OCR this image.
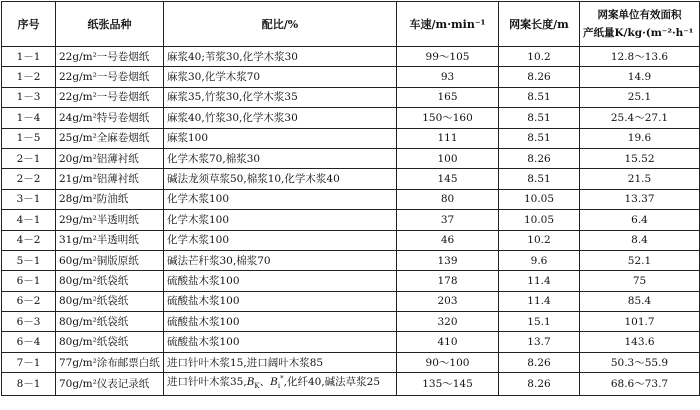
序号	纸张品种	配比/%	车速/m·min⁻¹	网案长度/m	网案单位有效面积
产纸量K/kg·(m⁻²·h⁻¹

1－1	22g/m²一号卷烟纸	麻浆40;苇浆30,化学木浆30	99～105	10.2	12.8～13.6
1－2	22g/m²一号卷烟纸	麻浆30,化学木浆70	93	8.26	14.9
1－3	22g/m²一号卷烟纸	麻浆35,竹浆30,化学木浆35	165	8.51	25.1
1－4	24g/m²特号卷烟纸	麻浆40,竹浆30,化学木浆30	150～160	8.51	25.4～27.1
1－5	25g/m²全麻卷烟纸	麻浆100	111	8.51	19.6
2－1	20g/m²铝薄衬纸	化学木浆70,棉浆30	100	8.26	15.52
2－2	21g/m²铝薄衬纸	碱法龙须草浆50,棉浆10,化学木浆40	145	8.51	21.5
3－1	28g/m²防油纸	化学木浆100	80	10.05	13.37
4－1	29g/m²半透明纸	化学木浆100	37	10.05	6.4
4－2	31g/m²半透明纸	化学木浆100	46	10.2	8.4
5－1	60g/m²铜版原纸	碱法芒秆浆30,棉浆70	139	9.6	52.1
6－1	80g/m²纸袋纸	硫酸盐木浆100	178	11.4	75
6－2	80g/m²纸袋纸	硫酸盐木浆100	203	11.4	85.4
6－3	80g/m²纸袋纸	硫酸盐木浆100	320	15.1	101.7
6－4	80g/m²纸袋纸	硫酸盐木浆100	410	13.7	143.6
7－1	77g/m²涂布邮票白纸	进口针叶木浆15,进口阔叶木浆85	90～100	8.26	50.3～55.9
8－1	70g/m²仪表记录纸	进口针叶木浆$35,B_K$、$B_i^*$,化纤40,碱法草浆25	135～145	8.26	68.6～73.7
